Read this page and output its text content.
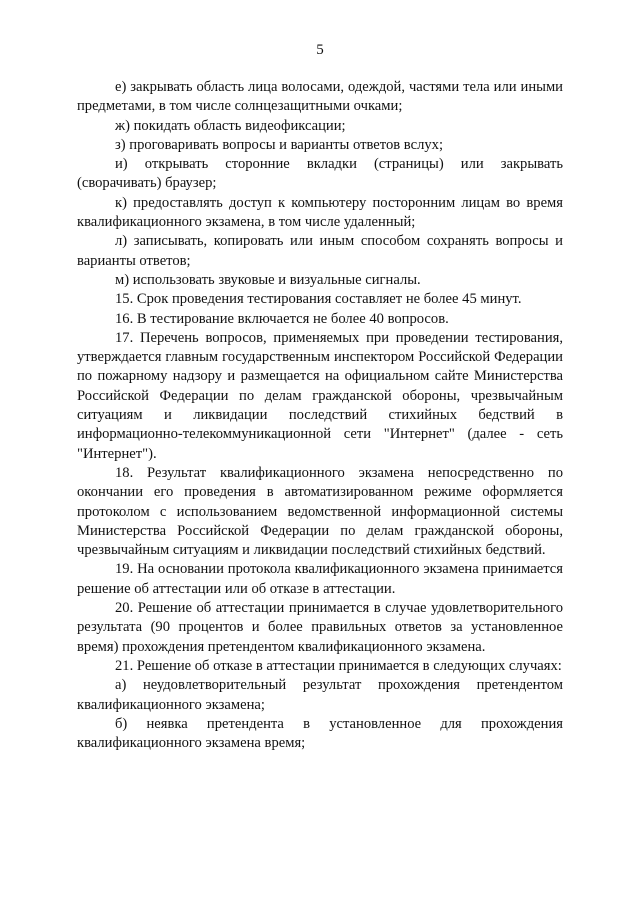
5

е) закрывать область лица волосами, одеждой, частями тела или иными предметами, в том числе солнцезащитными очками;

ж) покидать область видеофиксации;

з) проговаривать вопросы и варианты ответов вслух;

и) открывать сторонние вкладки (страницы) или закрывать (сворачивать) браузер;

к) предоставлять доступ к компьютеру посторонним лицам во время квалификационного экзамена, в том числе удаленный;

л) записывать, копировать или иным способом сохранять вопросы и варианты ответов;

м) использовать звуковые и визуальные сигналы.

15. Срок проведения тестирования составляет не более 45 минут.

16. В тестирование включается не более 40 вопросов.

17. Перечень вопросов, применяемых при проведении тестирования, утверждается главным государственным инспектором Российской Федерации по пожарному надзору и размещается на официальном сайте Министерства Российской Федерации по делам гражданской обороны, чрезвычайным ситуациям и ликвидации последствий стихийных бедствий в информационно-телекоммуникационной сети "Интернет" (далее - сеть "Интернет").

18. Результат квалификационного экзамена непосредственно по окончании его проведения в автоматизированном режиме оформляется протоколом с использованием ведомственной информационной системы Министерства Российской Федерации по делам гражданской обороны, чрезвычайным ситуациям и ликвидации последствий стихийных бедствий.

19. На основании протокола квалификационного экзамена принимается решение об аттестации или об отказе в аттестации.

20. Решение об аттестации принимается в случае удовлетворительного результата (90 процентов и более правильных ответов за установленное время) прохождения претендентом квалификационного экзамена.

21. Решение об отказе в аттестации принимается в следующих случаях:

а) неудовлетворительный результат прохождения претендентом квалификационного экзамена;

б) неявка претендента в установленное для прохождения квалификационного экзамена время;
